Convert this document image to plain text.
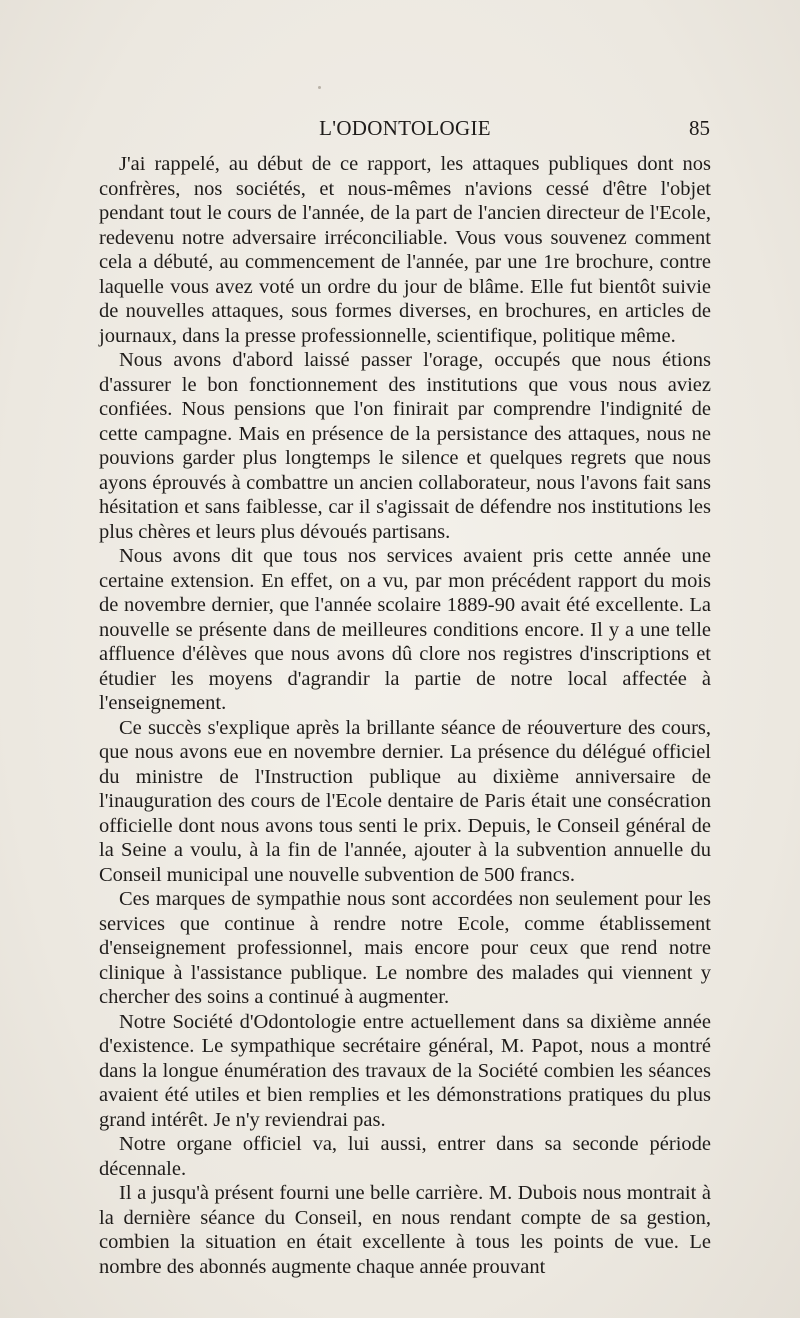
L'ODONTOLOGIE	85

J'ai rappelé, au début de ce rapport, les attaques publiques dont nos confrères, nos sociétés, et nous-mêmes n'avions cessé d'être l'objet pendant tout le cours de l'année, de la part de l'ancien directeur de l'Ecole, redevenu notre adversaire irréconciliable. Vous vous souvenez comment cela a débuté, au commencement de l'année, par une 1re brochure, contre laquelle vous avez voté un ordre du jour de blâme. Elle fut bientôt suivie de nouvelles attaques, sous formes diverses, en brochures, en articles de journaux, dans la presse professionnelle, scientifique, politique même.

Nous avons d'abord laissé passer l'orage, occupés que nous étions d'assurer le bon fonctionnement des institutions que vous nous aviez confiées. Nous pensions que l'on finirait par comprendre l'indignité de cette campagne. Mais en présence de la persistance des attaques, nous ne pouvions garder plus longtemps le silence et quelques regrets que nous ayons éprouvés à combattre un ancien collaborateur, nous l'avons fait sans hésitation et sans faiblesse, car il s'agissait de défendre nos institutions les plus chères et leurs plus dévoués partisans.

Nous avons dit que tous nos services avaient pris cette année une certaine extension. En effet, on a vu, par mon précédent rapport du mois de novembre dernier, que l'année scolaire 1889-90 avait été excellente. La nouvelle se présente dans de meilleures conditions encore. Il y a une telle affluence d'élèves que nous avons dû clore nos registres d'inscriptions et étudier les moyens d'agrandir la partie de notre local affectée à l'enseignement.

Ce succès s'explique après la brillante séance de réouverture des cours, que nous avons eue en novembre dernier. La présence du délégué officiel du ministre de l'Instruction publique au dixième anniversaire de l'inauguration des cours de l'Ecole dentaire de Paris était une consécration officielle dont nous avons tous senti le prix. Depuis, le Conseil général de la Seine a voulu, à la fin de l'année, ajouter à la subvention annuelle du Conseil municipal une nouvelle subvention de 500 francs.

Ces marques de sympathie nous sont accordées non seulement pour les services que continue à rendre notre Ecole, comme établissement d'enseignement professionnel, mais encore pour ceux que rend notre clinique à l'assistance publique. Le nombre des malades qui viennent y chercher des soins a continué à augmenter.

Notre Société d'Odontologie entre actuellement dans sa dixième année d'existence. Le sympathique secrétaire général, M. Papot, nous a montré dans la longue énumération des travaux de la Société combien les séances avaient été utiles et bien remplies et les démonstrations pratiques du plus grand intérêt. Je n'y reviendrai pas.

Notre organe officiel va, lui aussi, entrer dans sa seconde période décennale.

Il a jusqu'à présent fourni une belle carrière. M. Dubois nous montrait à la dernière séance du Conseil, en nous rendant compte de sa gestion, combien la situation en était excellente à tous les points de vue. Le nombre des abonnés augmente chaque année prouvant
